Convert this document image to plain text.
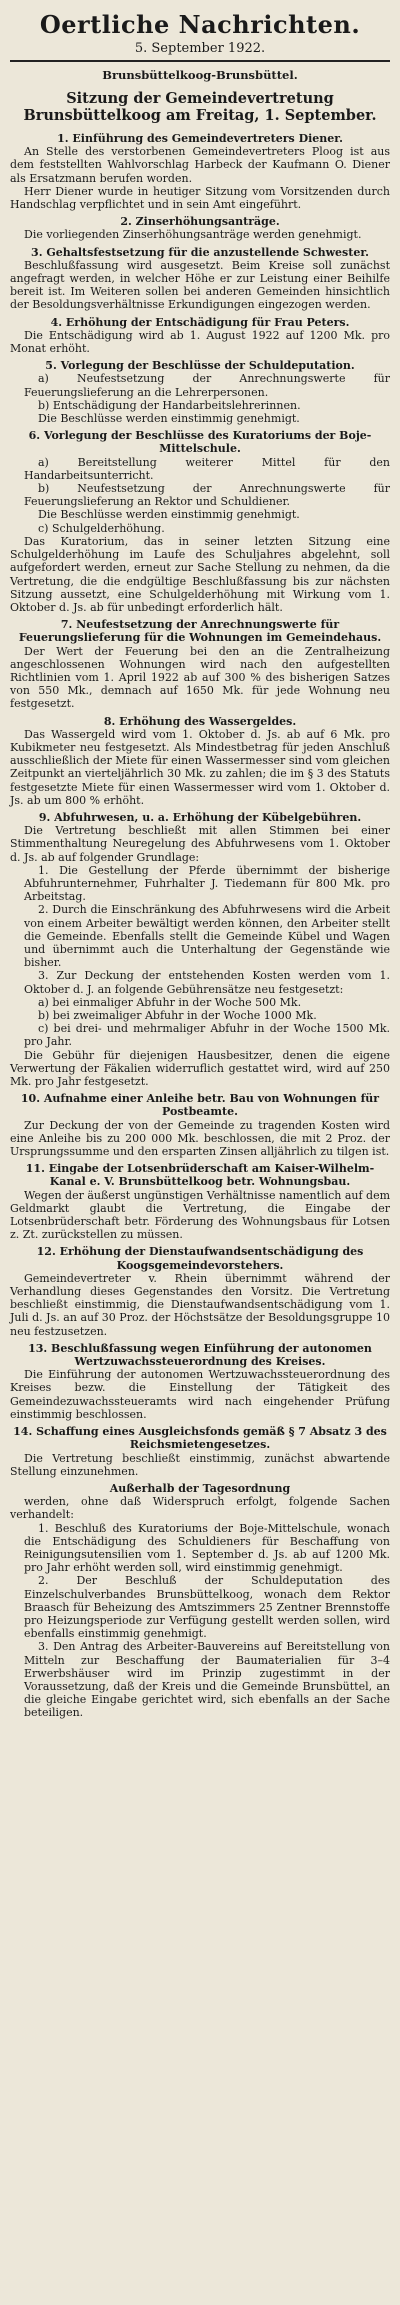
Oertliche Nachrichten.
5. September 1922.
Brunsbüttelkoog-Brunsbüttel.
Sitzung der Gemeindevertretung Brunsbüttelkoog am Freitag, 1. September.
1. Einführung des Gemeindevertreters Diener.
An Stelle des verstorbenen Gemeindevertreters Ploog ist aus dem feststellten Wahlvorschlag Harbeck der Kaufmann O. Diener als Ersatzmann berufen worden.
Herr Diener wurde in heutiger Sitzung vom Vorsitzenden durch Handschlag verpflichtet und in sein Amt eingeführt.
2. Zinserhöhungsanträge.
Die vorliegenden Zinserhöhungsanträge werden genehmigt.
3. Gehaltsfestsetzung für die anzustellende Schwester.
Beschlußfassung wird ausgesetzt. Beim Kreise soll zunächst angefragt werden, in welcher Höhe er zur Leistung einer Beihilfe bereit ist. Im Weiteren sollen bei anderen Gemeinden hinsichtlich der Besoldungsverhältnisse Erkundigungen eingezogen werden.
4. Erhöhung der Entschädigung für Frau Peters.
Die Entschädigung wird ab 1. August 1922 auf 1200 Mk. pro Monat erhöht.
5. Vorlegung der Beschlüsse der Schuldeputation.
a) Neufestsetzung der Anrechnungswerte für Feuerungslieferung an die Lehrerpersonen.
b) Entschädigung der Handarbeitslehrerinnen.
Die Beschlüsse werden einstimmig genehmigt.
6. Vorlegung der Beschlüsse des Kuratoriums der Boje-Mittelschule.
a) Bereitstellung weiterer Mittel für den Handarbeitsunterricht.
b) Neufestsetzung der Anrechnungswerte für Feuerungslieferung an Rektor und Schuldiener.
Die Beschlüsse werden einstimmig genehmigt.
c) Schulgelderhöhung.
Das Kuratorium, das in seiner letzten Sitzung eine Schulgelderhöhung im Laufe des Schuljahres abgelehnt, soll aufgefordert werden, erneut zur Sache Stellung zu nehmen, da die Vertretung, die die endgültige Beschlußfassung bis zur nächsten Sitzung aussetzt, eine Schulgelderhöhung mit Wirkung vom 1. Oktober d. Js. ab für unbedingt erforderlich hält.
7. Neufestsetzung der Anrechnungswerte für Feuerungslieferung für die Wohnungen im Gemeindehaus.
Der Wert der Feuerung bei den an die Zentralheizung angeschlossenen Wohnungen wird nach den aufgestellten Richtlinien vom 1. April 1922 ab auf 300 % des bisherigen Satzes von 550 Mk., demnach auf 1650 Mk. für jede Wohnung neu festgesetzt.
8. Erhöhung des Wassergeldes.
Das Wassergeld wird vom 1. Oktober d. Js. ab auf 6 Mk. pro Kubikmeter neu festgesetzt. Als Mindestbetrag für jeden Anschluß ausschließlich der Miete für einen Wassermesser sind vom gleichen Zeitpunkt an vierteljährlich 30 Mk. zu zahlen; die im § 3 des Statuts festgesetzte Miete für einen Wassermesser wird vom 1. Oktober d. Js. ab um 800 % erhöht.
9. Abfuhrwesen, u. a. Erhöhung der Kübelgebühren.
Die Vertretung beschließt mit allen Stimmen bei einer Stimmenthaltung Neuregelung des Abfuhrwesens vom 1. Oktober d. Js. ab auf folgender Grundlage:
1. Die Gestellung der Pferde übernimmt der bisherige Abfuhrunternehmer, Fuhrhalter J. Tiedemann für 800 Mk. pro Arbeitstag.
2. Durch die Einschränkung des Abfuhrwesens wird die Arbeit von einem Arbeiter bewältigt werden können, den Arbeiter stellt die Gemeinde. Ebenfalls stellt die Gemeinde Kübel und Wagen und übernimmt auch die Unterhaltung der Gegenstände wie bisher.
3. Zur Deckung der entstehenden Kosten werden vom 1. Oktober d. J. an folgende Gebührensätze neu festgesetzt:
a) bei einmaliger Abfuhr in der Woche 500 Mk.
b) bei zweimaliger Abfuhr in der Woche 1000 Mk.
c) bei drei- und mehrmaliger Abfuhr in der Woche 1500 Mk. pro Jahr.
Die Gebühr für diejenigen Hausbesitzer, denen die eigene Verwertung der Fäkalien widerruflich gestattet wird, wird auf 250 Mk. pro Jahr festgesetzt.
10. Aufnahme einer Anleihe betr. Bau von Wohnungen für Postbeamte.
Zur Deckung der von der Gemeinde zu tragenden Kosten wird eine Anleihe bis zu 200 000 Mk. beschlossen, die mit 2 Proz. der Ursprungssumme und den ersparten Zinsen alljährlich zu tilgen ist.
11. Eingabe der Lotsenbrüderschaft am Kaiser-Wilhelm-Kanal e. V. Brunsbüttelkoog betr. Wohnungsbau.
Wegen der äußerst ungünstigen Verhältnisse namentlich auf dem Geldmarkt glaubt die Vertretung, die Eingabe der Lotsenbrüderschaft betr. Förderung des Wohnungsbaus für Lotsen z. Zt. zurückstellen zu müssen.
12. Erhöhung der Dienstaufwandsentschädigung des Koogsgemeindevorstehers.
Gemeindevertreter v. Rhein übernimmt während der Verhandlung dieses Gegenstandes den Vorsitz. Die Vertretung beschließt einstimmig, die Dienstaufwandsentschädigung vom 1. Juli d. Js. an auf 30 Proz. der Höchstsätze der Besoldungsgruppe 10 neu festzusetzen.
13. Beschlußfassung wegen Einführung der autonomen Wertzuwachssteuerordnung des Kreises.
Die Einführung der autonomen Wertzuwachssteuerordnung des Kreises bezw. die Einstellung der Tätigkeit des Gemeindezuwachssteueramts wird nach eingehender Prüfung einstimmig beschlossen.
14. Schaffung eines Ausgleichsfonds gemäß § 7 Absatz 3 des Reichsmietengesetzes.
Die Vertretung beschließt einstimmig, zunächst abwartende Stellung einzunehmen.
Außerhalb der Tagesordnung
werden, ohne daß Widerspruch erfolgt, folgende Sachen verhandelt:
1. Beschluß des Kuratoriums der Boje-Mittelschule, wonach die Entschädigung des Schuldieners für Beschaffung von Reinigungsutensilien vom 1. September d. Js. ab auf 1200 Mk. pro Jahr erhöht werden soll, wird einstimmig genehmigt.
2. Der Beschluß der Schuldeputation des Einzelschulverbandes Brunsbüttelkoog, wonach dem Rektor Braasch für Beheizung des Amtszimmers 25 Zentner Brennstoffe pro Heizungsperiode zur Verfügung gestellt werden sollen, wird ebenfalls einstimmig genehmigt.
3. Den Antrag des Arbeiter-Bauvereins auf Bereitstellung von Mitteln zur Beschaffung der Baumaterialien für 3–4 Erwerbshäuser wird im Prinzip zugestimmt in der Voraussetzung, daß der Kreis und die Gemeinde Brunsbüttel, an die gleiche Eingabe gerichtet wird, sich ebenfalls an der Sache beteiligen.
